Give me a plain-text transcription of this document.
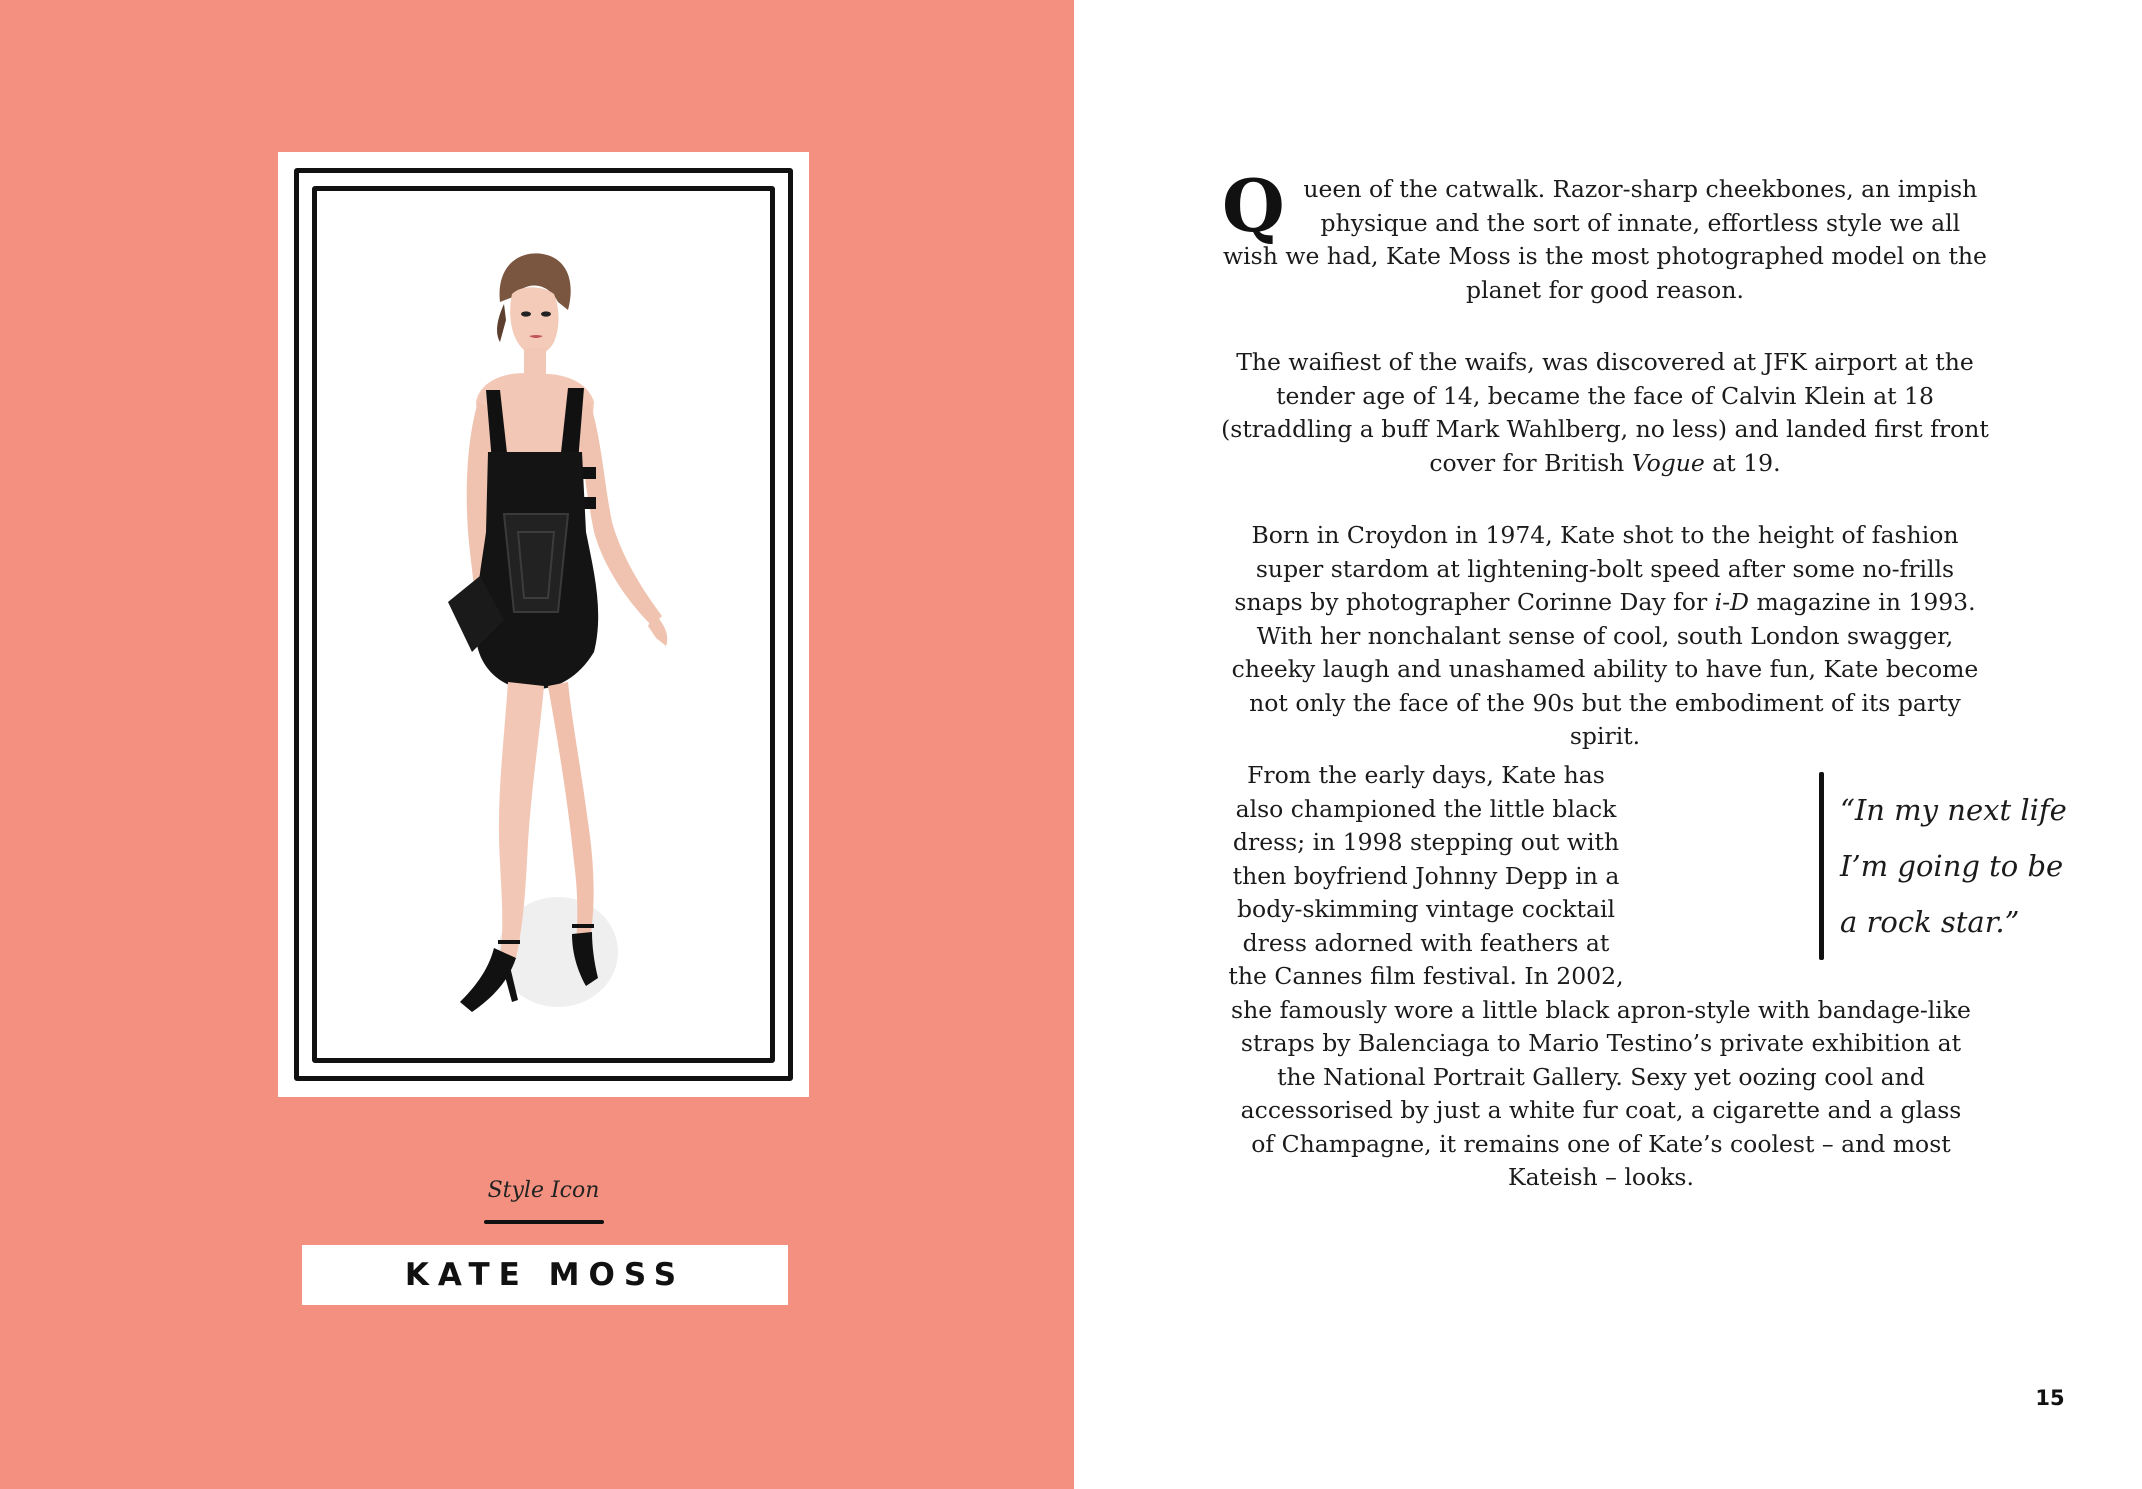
Style Icon
KATE MOSS

Queen of the catwalk. Razor-sharp cheekbones, an impish physique and the sort of innate, effortless style we all wish we had, Kate Moss is the most photographed model on the planet for good reason.

The waifiest of the waifs, was discovered at JFK airport at the tender age of 14, became the face of Calvin Klein at 18 (straddling a buff Mark Wahlberg, no less) and landed first front cover for British Vogue at 19.

Born in Croydon in 1974, Kate shot to the height of fashion super stardom at lightening-bolt speed after some no-frills snaps by photographer Corinne Day for i-D magazine in 1993. With her nonchalant sense of cool, south London swagger, cheeky laugh and unashamed ability to have fun, Kate become not only the face of the 90s but the embodiment of its party spirit.

From the early days, Kate has also championed the little black dress; in 1998 stepping out with then boyfriend Johnny Depp in a body-skimming vintage cocktail dress adorned with feathers at the Cannes film festival. In 2002, she famously wore a little black apron-style with bandage-like straps by Balenciaga to Mario Testino’s private exhibition at the National Portrait Gallery. Sexy yet oozing cool and accessorised by just a white fur coat, a cigarette and a glass of Champagne, it remains one of Kate’s coolest – and most Kateish – looks.

“In my next life
I’m going to be
a rock star.”
15
